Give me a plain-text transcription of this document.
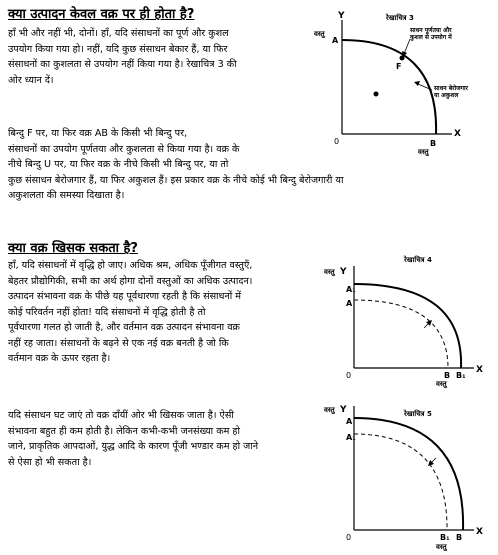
क्या उत्पादन केवल वक्र पर ही होता है?
हाँ भी और नहीं भी, दोनों। हाँ, यदि संसाधनों का पूर्ण और कुशल
उपयोग किया गया हो। नहीं, यदि कुछ संसाधन बेकार हैं, या फिर
संसाधनों का कुशलता से उपयोग नहीं किया गया है। रेखाचित्र 3 की
ओर ध्यान दें।
बिन्दु F पर, या फिर वक्र AB के किसी भी बिन्दु पर,
संसाधनों का उपयोग पूर्णतया और कुशलता से किया गया है। वक्र के
नीचे बिन्दु U पर, या फिर वक्र के नीचे किसी भी बिन्दु पर, या तो
कुछ संसाधन बेरोजगार हैं, या फिर अकुशल हैं। इस प्रकार वक्र के नीचे कोई भी बिन्दु बेरोजगारी या
अकुशलता की समस्या दिखाता है।
Y
X
वस्तु
A
0	B
वस्तु
रेखाचित्र 3
F
साधन पूर्णतया और
कुशल से उपयोग में
साधन बेरोजगार
या अकुशल
क्या वक्र खिसक सकता है?
हाँ, यदि संसाधनों में वृद्धि हो जाए। अधिक श्रम, अधिक पूँजीगत वस्तुएँ,
बेहतर प्रौद्योगिकी, सभी का अर्थ होगा दोनों वस्तुओं का अधिक उत्पादन।
उत्पादन संभावना वक्र के पीछे यह पूर्वधारणा रहती है कि संसाधनों में
कोई परिवर्तन नहीं होता! यदि संसाधनों में वृद्धि होती है तो
पूर्वधारणा गलत हो जाती है, और वर्तमान वक्र उत्पादन संभावना वक्र
नहीं रह जाता। संसाधनों के बढ़ने से एक नई वक्र बनती है जो कि
वर्तमान वक्र के ऊपर रहता है।
यदि संसाधन घट जाएं तो वक्र दाँयीं ओर भी खिसक जाता है। ऐसी
संभावना बहुत ही कम होती है। लेकिन कभी-कभी जनसंख्या कम हो
जाने, प्राकृतिक आपदाओं, युद्ध आदि के कारण पूँजी भण्डार कम हो जाने
से ऐसा हो भी सकता है।
वस्तु Y
X
A₁
A
0	B B₁
वस्तु
रेखाचित्र 4
वस्तु Y
X
A
A₁
0	B₁ B
वस्तु
रेखाचित्र 5
